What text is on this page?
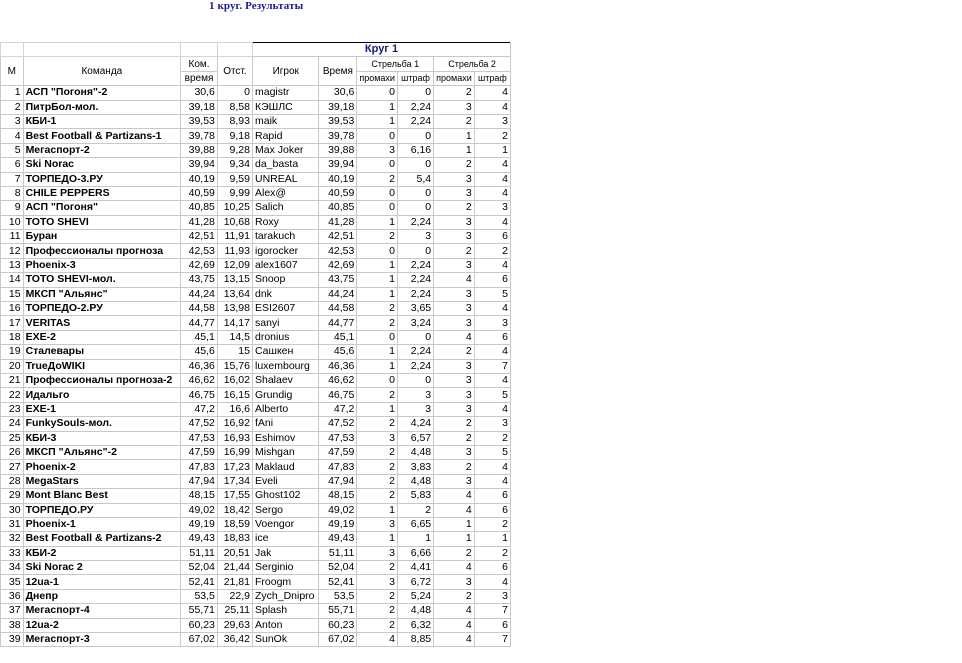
1 круг. Результаты
				Круг 1					
М	Команда	Ком.	Отст.	Игрок	Время	Стрельба 1		Стрельба 2	
		время				промахи	штраф	промахи	штраф
1	АСП "Погоня"-2	30,6	0	magistr	30,6	0	0	2	4
2	ПитрБол-мол.	39,18	8,58	КЭШЛС	39,18	1	2,24	3	4
3	КБИ-1	39,53	8,93	maik	39,53	1	2,24	2	3
4	Best Football & Partizans-1	39,78	9,18	Rapid	39,78	0	0	1	2
5	Мегаспорт-2	39,88	9,28	Max Joker	39,88	3	6,16	1	1
6	Ski Norac	39,94	9,34	da_basta	39,94	0	0	2	4
7	ТОРПЕДО-3.РУ	40,19	9,59	UNREAL	40,19	2	5,4	3	4
8	CHILE PEPPERS	40,59	9,99	Alex@	40,59	0	0	3	4
9	АСП "Погоня"	40,85	10,25	Salich	40,85	0	0	2	3
10	TOTO SHEVI	41,28	10,68	Roxy	41,28	1	2,24	3	4
11	Буран	42,51	11,91	tarakuch	42,51	2	3	3	6
12	Профессионалы прогноза	42,53	11,93	igorocker	42,53	0	0	2	2
13	Phoenix-3	42,69	12,09	alex1607	42,69	1	2,24	3	4
14	TOTO SHEVI-мол.	43,75	13,15	Snoop	43,75	1	2,24	4	6
15	МКСП "Альянс"	44,24	13,64	dnk	44,24	1	2,24	3	5
16	ТОРПЕДО-2.РУ	44,58	13,98	ESI2607	44,58	2	3,65	3	4
17	VERITAS	44,77	14,17	sanyi	44,77	2	3,24	3	3
18	EXE-2	45,1	14,5	dronius	45,1	0	0	4	6
19	Сталевары	45,6	15	Сашкен	45,6	1	2,24	2	4
20	TrueДоWIKI	46,36	15,76	luxembourg	46,36	1	2,24	3	7
21	Профессионалы прогноза-2	46,62	16,02	Shalaev	46,62	0	0	3	4
22	Идальго	46,75	16,15	Grundig	46,75	2	3	3	5
23	EXE-1	47,2	16,6	Alberto	47,2	1	3	3	4
24	FunkySouls-мол.	47,52	16,92	fAni	47,52	2	4,24	2	3
25	КБИ-3	47,53	16,93	Eshimov	47,53	3	6,57	2	2
26	МКСП "Альянс"-2	47,59	16,99	Mishgan	47,59	2	4,48	3	5
27	Phoenix-2	47,83	17,23	Maklaud	47,83	2	3,83	2	4
28	MegaStars	47,94	17,34	Eveli	47,94	2	4,48	3	4
29	Mont Blanc Best	48,15	17,55	Ghost102	48,15	2	5,83	4	6
30	ТОРПЕДО.РУ	49,02	18,42	Sergo	49,02	1	2	4	6
31	Phoenix-1	49,19	18,59	Voengor	49,19	3	6,65	1	2
32	Best Football & Partizans-2	49,43	18,83	ice	49,43	1	1	1	1
33	КБИ-2	51,11	20,51	Jak	51,11	3	6,66	2	2
34	Ski Norac 2	52,04	21,44	Serginio	52,04	2	4,41	4	6
35	12ua-1	52,41	21,81	Froogm	52,41	3	6,72	3	4
36	Днепр	53,5	22,9	Zych_Dnipro	53,5	2	5,24	2	3
37	Мегаспорт-4	55,71	25,11	Splash	55,71	2	4,48	4	7
38	12ua-2	60,23	29,63	Anton	60,23	2	6,32	4	6
39	Мегаспорт-3	67,02	36,42	SunOk	67,02	4	8,85	4	7
